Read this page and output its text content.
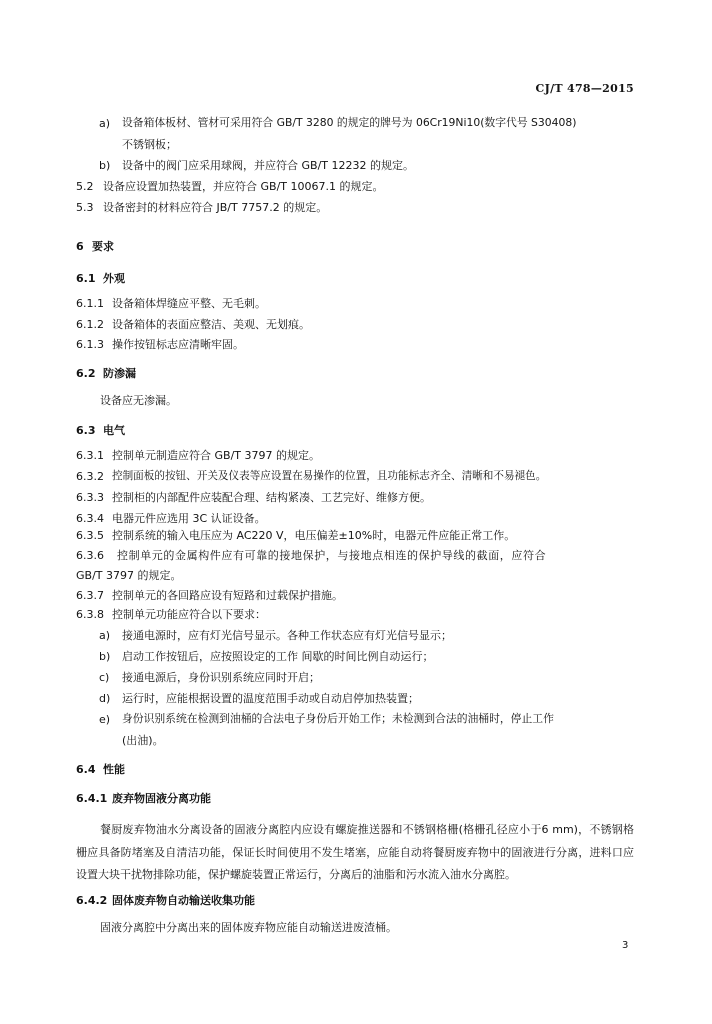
CJ/T 478—2015
a) 设备箱体板材、管材可采用符合 GB/T 3280 的规定的牌号为 06Cr19Ni10(数字代号 S30408)
不锈钢板；
b) 设备中的阀门应采用球阀，并应符合 GB/T 12232 的规定。
5.2 设备应设置加热装置，并应符合 GB/T 10067.1 的规定。
5.3 设备密封的材料应符合 JB/T 7757.2 的规定。
6 要求
6.1 外观
6.1.1 设备箱体焊缝应平整、无毛刺。
6.1.2 设备箱体的表面应整洁、美观、无划痕。
6.1.3 操作按钮标志应清晰牢固。
6.2 防渗漏
设备应无渗漏。
6.3 电气
6.3.1 控制单元制造应符合 GB/T 3797 的规定。
6.3.2 控制面板的按钮、开关及仪表等应设置在易操作的位置，且功能标志齐全、清晰和不易褪色。
6.3.3 控制柜的内部配件应装配合理、结构紧凑、工艺完好、维修方便。
6.3.4 电器元件应选用 3C 认证设备。
6.3.5 控制系统的输入电压应为 AC220 V，电压偏差±10%时，电器元件应能正常工作。
6.3.6 控制单元的金属构件应有可靠的接地保护，与接地点相连的保护导线的截面，应符合
GB/T 3797 的规定。
6.3.7 控制单元的各回路应设有短路和过载保护措施。
6.3.8 控制单元功能应符合以下要求：
a) 接通电源时，应有灯光信号显示。各种工作状态应有灯光信号显示；
b) 启动工作按钮后，应按照设定的工作 间歇的时间比例自动运行；
c) 接通电源后，身份识别系统应同时开启；
d) 运行时，应能根据设置的温度范围手动或自动启停加热装置；
e) 身份识别系统在检测到油桶的合法电子身份后开始工作；未检测到合法的油桶时，停止工作
(出油)。
6.4 性能
6.4.1 废弃物固液分离功能
餐厨废弃物油水分离设备的固液分离腔内应设有螺旋推送器和不锈钢格栅(格栅孔径应小于6 mm)，不锈钢格栅应具备防堵塞及自清洁功能，保证长时间使用不发生堵塞，应能自动将餐厨废弃物中的固液进行分离，进料口应设置大块干扰物排除功能，保护螺旋装置正常运行，分离后的油脂和污水流入油水分离腔。
6.4.2 固体废弃物自动输送收集功能
固液分离腔中分离出来的固体废弃物应能自动输送进废渣桶。
3
